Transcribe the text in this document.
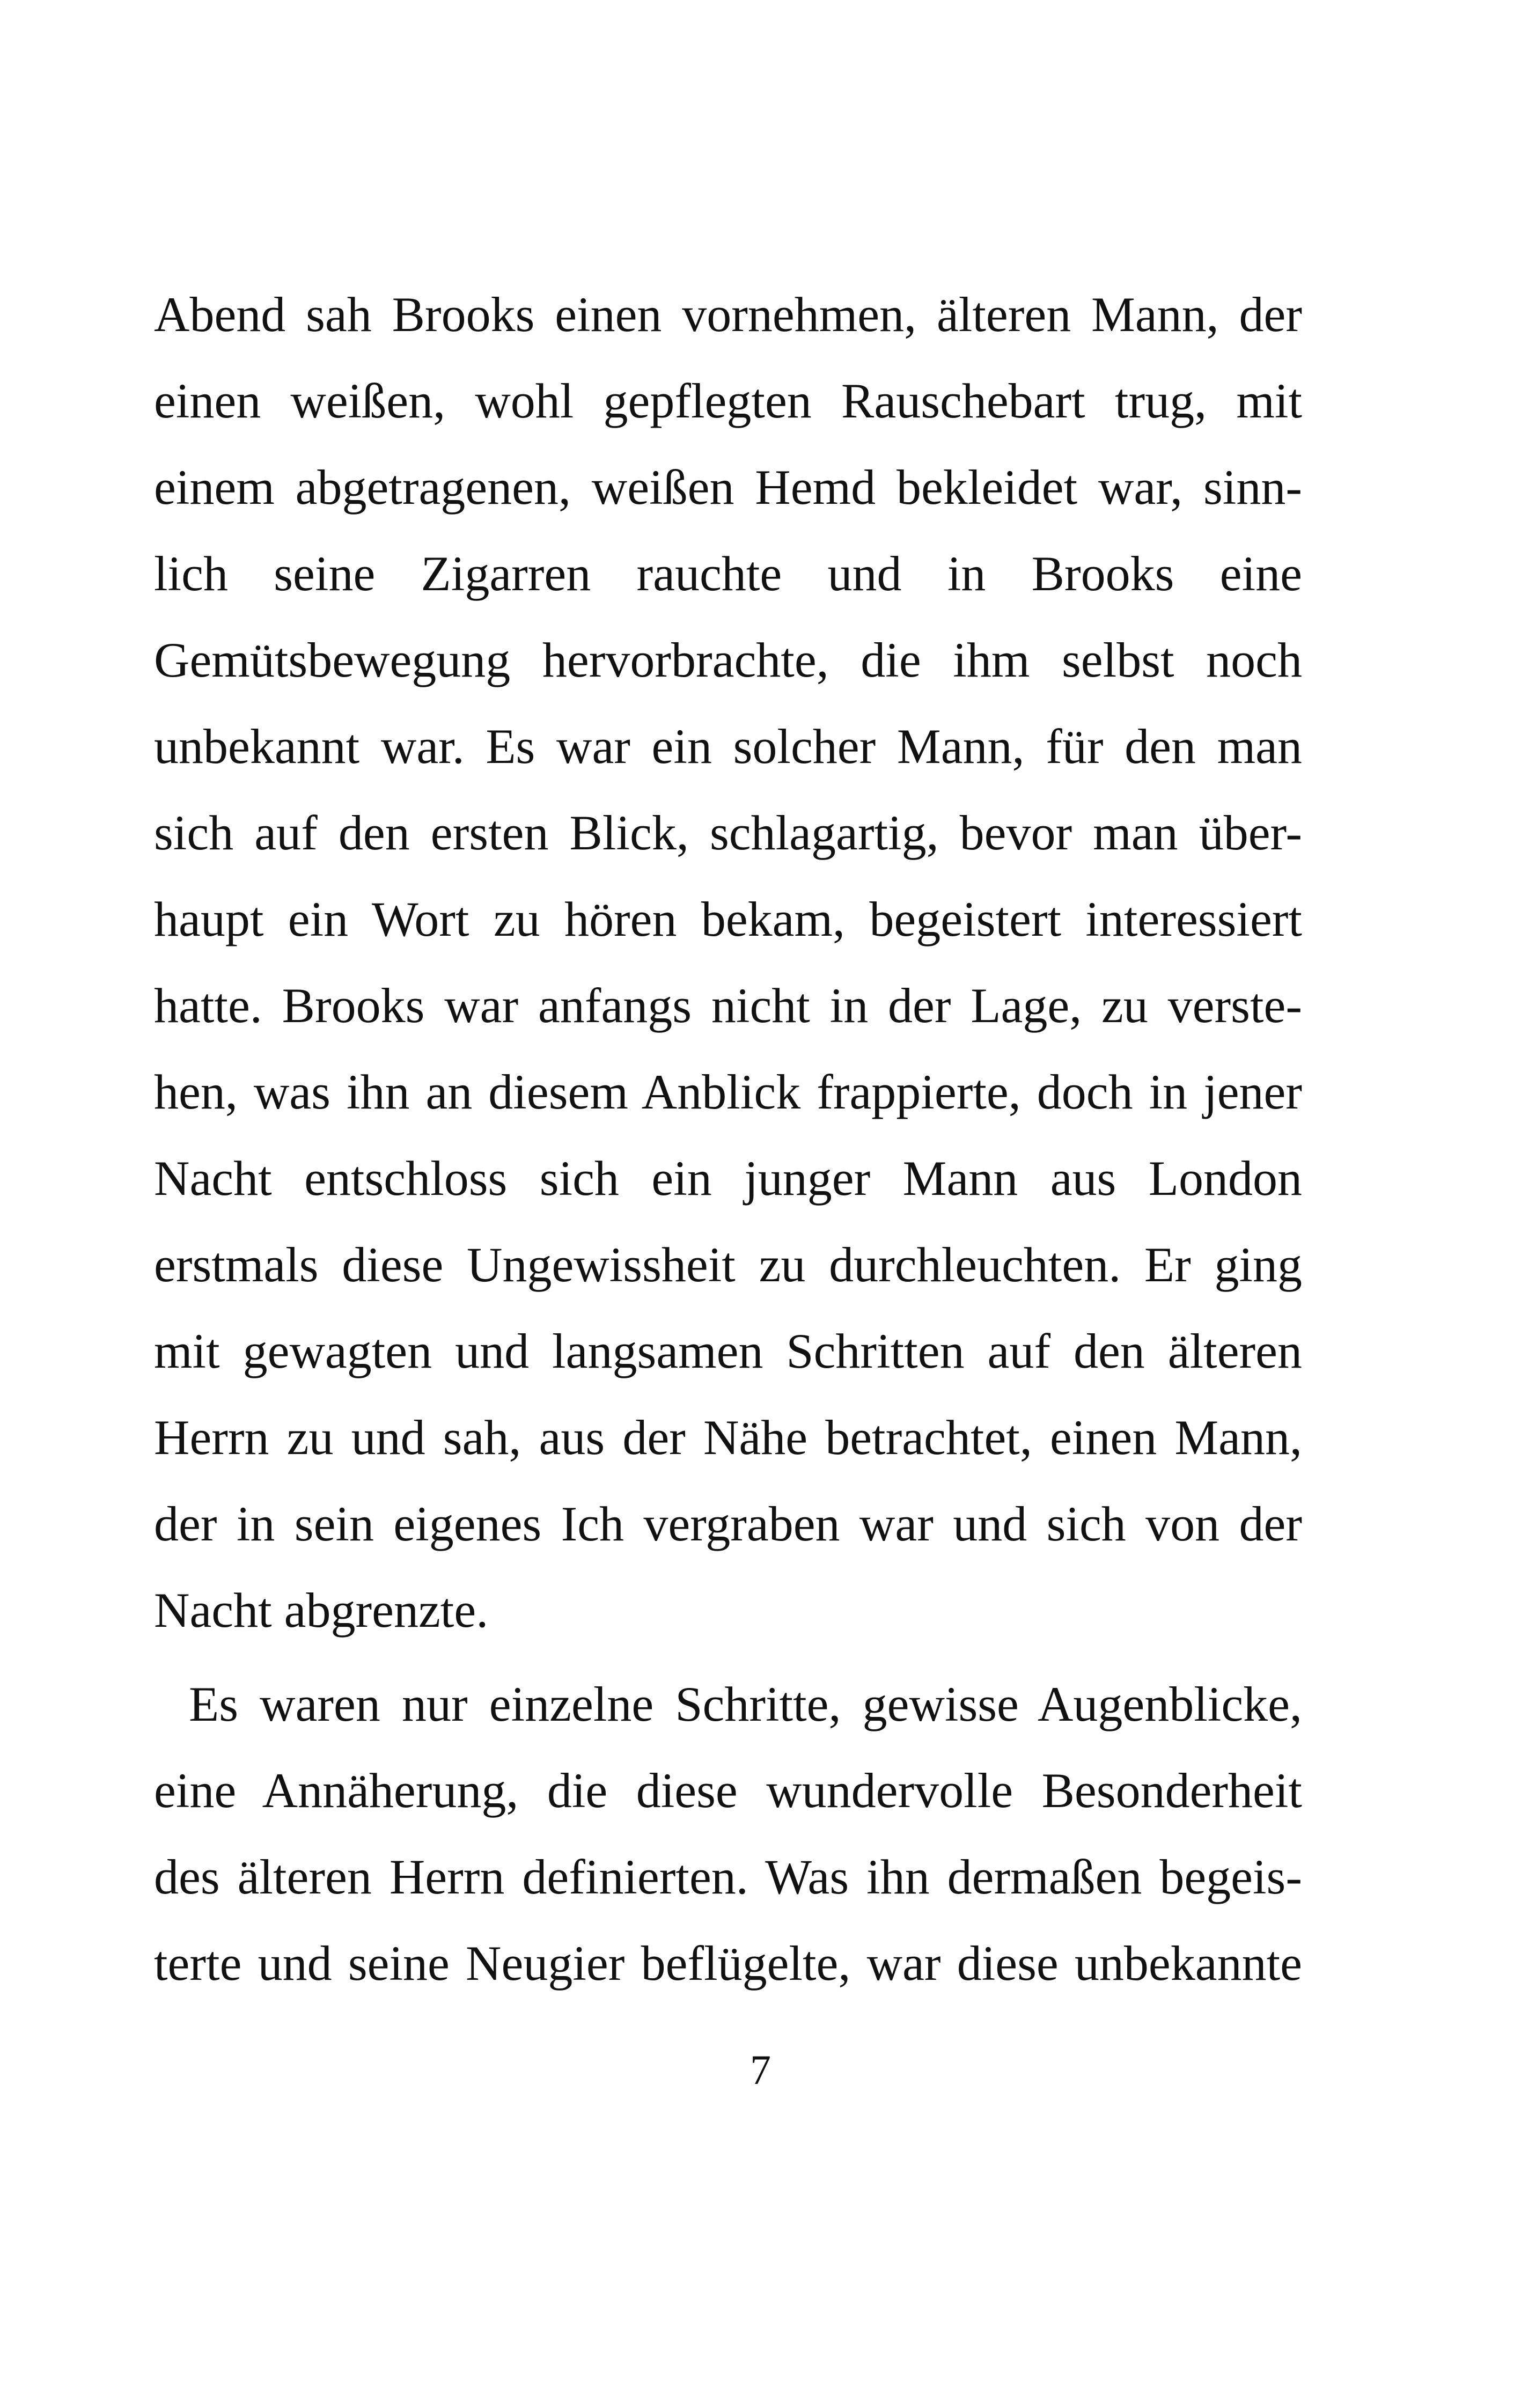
Abend sah Brooks einen vornehmen, älteren Mann, der
einen weißen, wohl gepflegten Rauschebart trug, mit
einem abgetragenen, weißen Hemd bekleidet war, sinn-
lich seine Zigarren rauchte und in Brooks eine
Gemütsbewegung hervorbrachte, die ihm selbst noch
unbekannt war. Es war ein solcher Mann, für den man
sich auf den ersten Blick, schlagartig, bevor man über-
haupt ein Wort zu hören bekam, begeistert interessiert
hatte. Brooks war anfangs nicht in der Lage, zu verste-
hen, was ihn an diesem Anblick frappierte, doch in jener
Nacht entschloss sich ein junger Mann aus London
erstmals diese Ungewissheit zu durchleuchten. Er ging
mit gewagten und langsamen Schritten auf den älteren
Herrn zu und sah, aus der Nähe betrachtet, einen Mann,
der in sein eigenes Ich vergraben war und sich von der
Nacht abgrenzte.
Es waren nur einzelne Schritte, gewisse Augenblicke,
eine Annäherung, die diese wundervolle Besonderheit
des älteren Herrn definierten. Was ihn dermaßen begeis-
terte und seine Neugier beflügelte, war diese unbekannte
7
